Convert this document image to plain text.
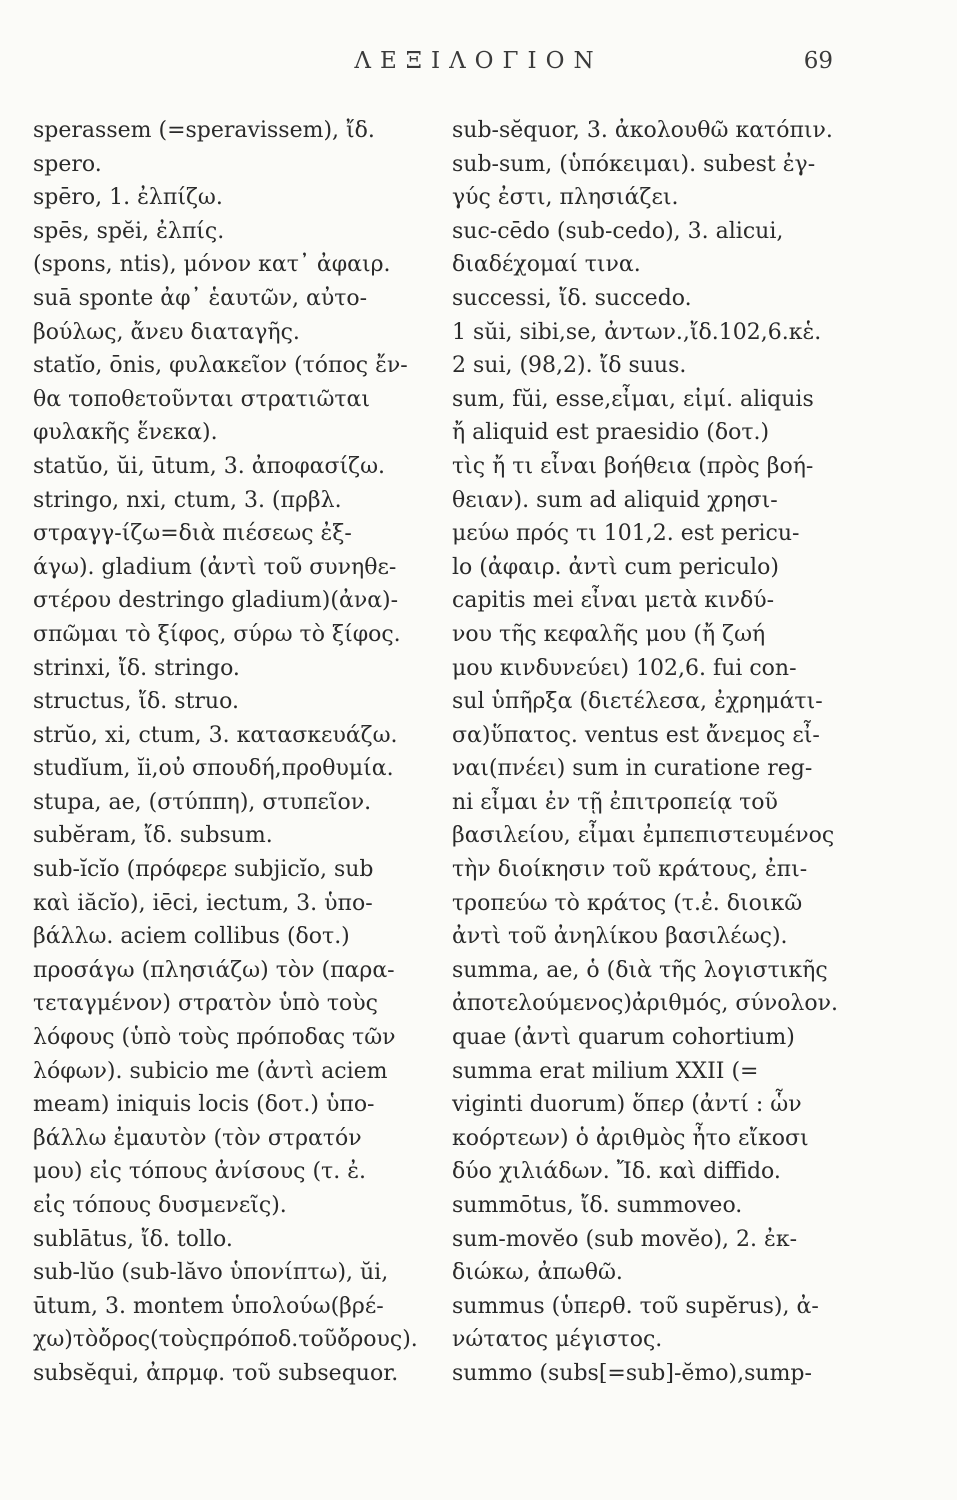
ΛΕΞΙΛΟΓΙΟΝ	69
sperassem (=speravissem), ἴδ.
spero.
spēro, 1. ἐλπίζω.
spēs, spĕi, ἐλπίς.
(spons, ntis), μόνον κατ᾽ ἀφαιρ.
suā sponte ἀφ᾽ ἑαυτῶν, αὐτο-
βούλως, ἄνευ διαταγῆς.
statĭo, ōnis, φυλακεῖον (τόπος ἔν-
θα τοποθετοῦνται στρατιῶται
φυλακῆς ἕνεκα).
statŭo, ŭi, ūtum, 3. ἀποφασίζω.
stringo, nxi, ctum, 3. (πρβλ.
στραγγ-ίζω=διὰ πιέσεως ἐξ-
άγω). gladium (ἀντὶ τοῦ συνηθε-
στέρου destringo gladium)(ἀνα)-
σπῶμαι τὸ ξίφος, σύρω τὸ ξίφος.
strinxi, ἴδ. stringo.
structus, ἴδ. struo.
strŭo, xi, ctum, 3. κατασκευάζω.
studĭum, ĭi,οὐ σπουδή,προθυμία.
stupa, ae, (στύππη), στυπεῖον.
subĕram, ἴδ. subsum.
sub-ĭcĭo (πρόφερε subjicĭo, sub
καὶ iăcĭo), iēci, iectum, 3. ὑπο-
βάλλω. aciem collibus (δοτ.)
προσάγω (πλησιάζω) τὸν (παρα-
τεταγμένον) στρατὸν ὑπὸ τοὺς
λόφους (ὑπὸ τοὺς πρόποδας τῶν
λόφων). subicio me (ἀντὶ aciem
meam) iniquis locis (δοτ.) ὑπο-
βάλλω ἐμαυτὸν (τὸν στρατόν
μου) εἰς τόπους ἀνίσους (τ. ἐ.
εἰς τόπους δυσμενεῖς).
sublātus, ἴδ. tollo.
sub-lŭo (sub-lăvo ὑπονίπτω), ŭi,
ūtum, 3. montem ὑπολούω(βρέ-
χω)τὸὄρος(τοὺςπρόποδ.τοῦὄρους).
subsĕqui, ἀπρμφ. τοῦ subsequor.
sub-sĕquor, 3. ἀκολουθῶ κατόπιν.
sub-sum, (ὑπόκειμαι). subest ἐγ-
γύς ἐστι, πλησιάζει.
suc-cēdo (sub-cedo), 3. alicui,
διαδέχομαί τινα.
successi, ἴδ. succedo.
1 sŭi, sibi,se, ἀντων.,ἴδ.102,6.κἑ.
2 sui, (98,2). ἴδ suus.
sum, fŭi, esse,εἶμαι, εἰμί. aliquis
ἤ aliquid est praesidio (δοτ.)
τὶς ἤ τι εἶναι βοήθεια (πρὸς βοή-
θειαν). sum ad aliquid χρησι-
μεύω πρός τι 101,2. est pericu-
lo (ἀφαιρ. ἀντὶ cum periculo)
capitis mei εἶναι μετὰ κινδύ-
νου τῆς κεφαλῆς μου (ἤ ζωή
μου κινδυνεύει) 102,6. fui con-
sul ὑπῆρξα (διετέλεσα, ἐχρημάτι-
σα)ὕπατος. ventus est ἄνεμος εἶ-
ναι(πνέει) sum in curatione reg-
ni εἶμαι ἐν τῇ ἐπιτροπείᾳ τοῦ
βασιλείου, εἶμαι ἐμπεπιστευμένος
τὴν διοίκησιν τοῦ κράτους, ἐπι-
τροπεύω τὸ κράτος (τ.ἐ. διοικῶ
ἀντὶ τοῦ ἀνηλίκου βασιλέως).
summa, ae, ὁ (διὰ τῆς λογιστικῆς
ἀποτελούμενος)ἀριθμός, σύνολον.
quae (ἀντὶ quarum cohortium)
summa erat milium XXII (=
viginti duorum) ὅπερ (ἀντί : ὧν
κοόρτεων) ὁ ἀριθμὸς ἦτο εἴκοσι
δύο χιλιάδων. Ἴδ. καὶ diffido.
summōtus, ἴδ. summoveo.
sum-movĕo (sub movĕo), 2. ἐκ-
διώκω, ἀπωθῶ.
summus (ὑπερθ. τοῦ supĕrus), ἀ-
νώτατος μέγιστος.
summo (subs[=sub]-ĕmo),sump-
